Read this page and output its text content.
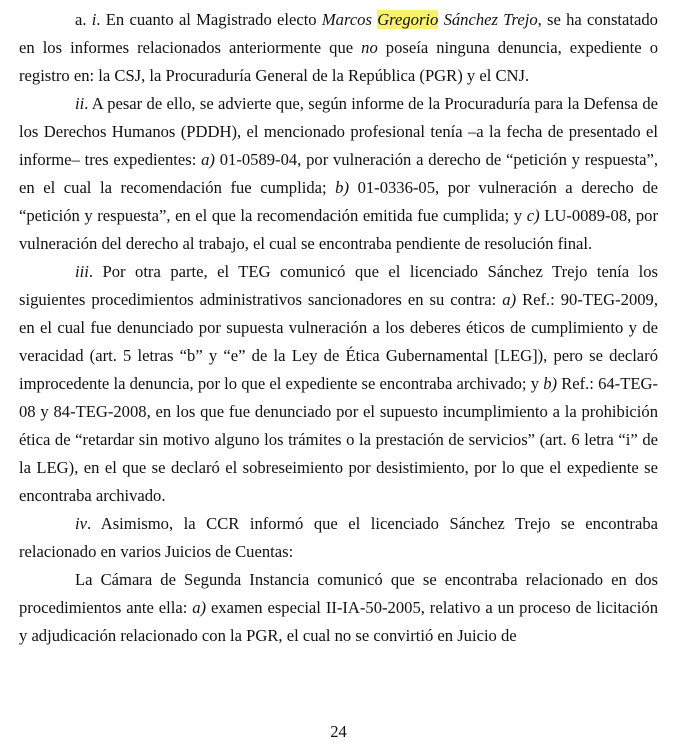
a. i. En cuanto al Magistrado electo Marcos Gregorio Sánchez Trejo, se ha constatado en los informes relacionados anteriormente que no poseía ninguna denuncia, expediente o registro en: la CSJ, la Procuraduría General de la República (PGR) y el CNJ.

ii. A pesar de ello, se advierte que, según informe de la Procuraduría para la Defensa de los Derechos Humanos (PDDH), el mencionado profesional tenía –a la fecha de presentado el informe– tres expedientes: a) 01-0589-04, por vulneración a derecho de “petición y respuesta”, en el cual la recomendación fue cumplida; b) 01-0336-05, por vulneración a derecho de “petición y respuesta”, en el que la recomendación emitida fue cumplida; y c) LU-0089-08, por vulneración del derecho al trabajo, el cual se encontraba pendiente de resolución final.

iii. Por otra parte, el TEG comunicó que el licenciado Sánchez Trejo tenía los siguientes procedimientos administrativos sancionadores en su contra: a) Ref.: 90-TEG-2009, en el cual fue denunciado por supuesta vulneración a los deberes éticos de cumplimiento y de veracidad (art. 5 letras “b” y “e” de la Ley de Ética Gubernamental [LEG]), pero se declaró improcedente la denuncia, por lo que el expediente se encontraba archivado; y b) Ref.: 64-TEG-08 y 84-TEG-2008, en los que fue denunciado por el supuesto incumplimiento a la prohibición ética de “retardar sin motivo alguno los trámites o la prestación de servicios” (art. 6 letra “i” de la LEG), en el que se declaró el sobreseimiento por desistimiento, por lo que el expediente se encontraba archivado.

iv. Asimismo, la CCR informó que el licenciado Sánchez Trejo se encontraba relacionado en varios Juicios de Cuentas:

La Cámara de Segunda Instancia comunicó que se encontraba relacionado en dos procedimientos ante ella: a) examen especial II-IA-50-2005, relativo a un proceso de licitación y adjudicación relacionado con la PGR, el cual no se convirtió en Juicio de

24
